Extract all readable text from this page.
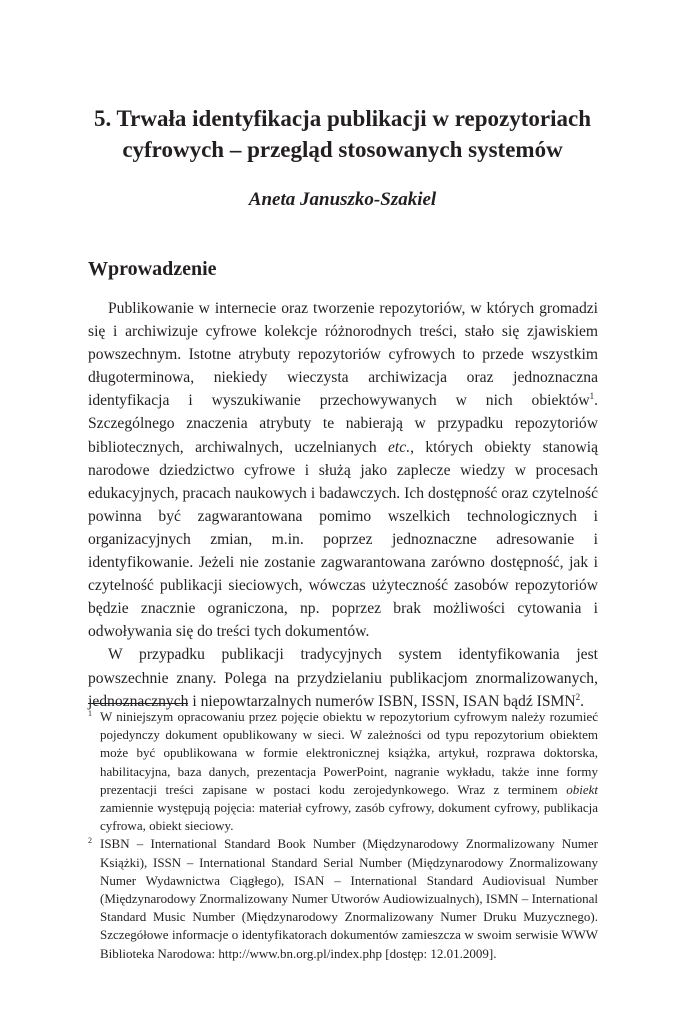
5. Trwała identyfikacja publikacji w repozytoriach
cyfrowych – przegląd stosowanych systemów

Aneta Januszko-Szakiel

Wprowadzenie

Publikowanie w internecie oraz tworzenie repozytoriów, w których gromadzi się i archiwizuje cyfrowe kolekcje różnorodnych treści, stało się zjawiskiem powszechnym. Istotne atrybuty repozytoriów cyfrowych to przede wszystkim długoterminowa, niekiedy wieczysta archiwizacja oraz jednoznaczna identyfikacja i wyszukiwanie przechowywanych w nich obiektów$^1$. Szczególnego znaczenia atrybuty te nabierają w przypadku repozytoriów bibliotecznych, archiwalnych, uczelnianych etc., których obiekty stanowią narodowe dziedzictwo cyfrowe i służą jako zaplecze wiedzy w procesach edukacyjnych, pracach naukowych i badawczych. Ich dostępność oraz czytelność powinna być zagwarantowana pomimo wszelkich technologicznych i organizacyjnych zmian, m.in. poprzez jednoznaczne adresowanie i identyfikowanie. Jeżeli nie zostanie zagwarantowana zarówno dostępność, jak i czytelność publikacji sieciowych, wówczas użyteczność zasobów repozytoriów będzie znacznie ograniczona, np. poprzez brak możliwości cytowania i odwoływania się do treści tych dokumentów.

W przypadku publikacji tradycyjnych system identyfikowania jest powszechnie znany. Polega na przydzielaniu publikacjom znormalizowanych, jednoznacznych i niepowtarzalnych numerów ISBN, ISSN, ISAN bądź ISMN$^2$.

1 W niniejszym opracowaniu przez pojęcie obiektu w repozytorium cyfrowym należy rozumieć pojedynczy dokument opublikowany w sieci. W zależności od typu repozytorium obiektem może być opublikowana w formie elektronicznej książka, artykuł, rozprawa doktorska, habilitacyjna, baza danych, prezentacja PowerPoint, nagranie wykładu, także inne formy prezentacji treści zapisane w postaci kodu zerojedynkowego. Wraz z terminem obiekt zamiennie występują pojęcia: materiał cyfrowy, zasób cyfrowy, dokument cyfrowy, publikacja cyfrowa, obiekt sieciowy.

2 ISBN – International Standard Book Number (Międzynarodowy Znormalizowany Numer Książki), ISSN – International Standard Serial Number (Międzynarodowy Znormalizowany Numer Wydawnictwa Ciągłego), ISAN – International Standard Audiovisual Number (Międzynarodowy Znormalizowany Numer Utworów Audiowizualnych), ISMN – International Standard Music Number (Międzynarodowy Znormalizowany Numer Druku Muzycznego). Szczegółowe informacje o identyfikatorach dokumentów zamieszcza w swoim serwisie WWW Biblioteka Narodowa: http://www.bn.org.pl/index.php [dostęp: 12.01.2009].
